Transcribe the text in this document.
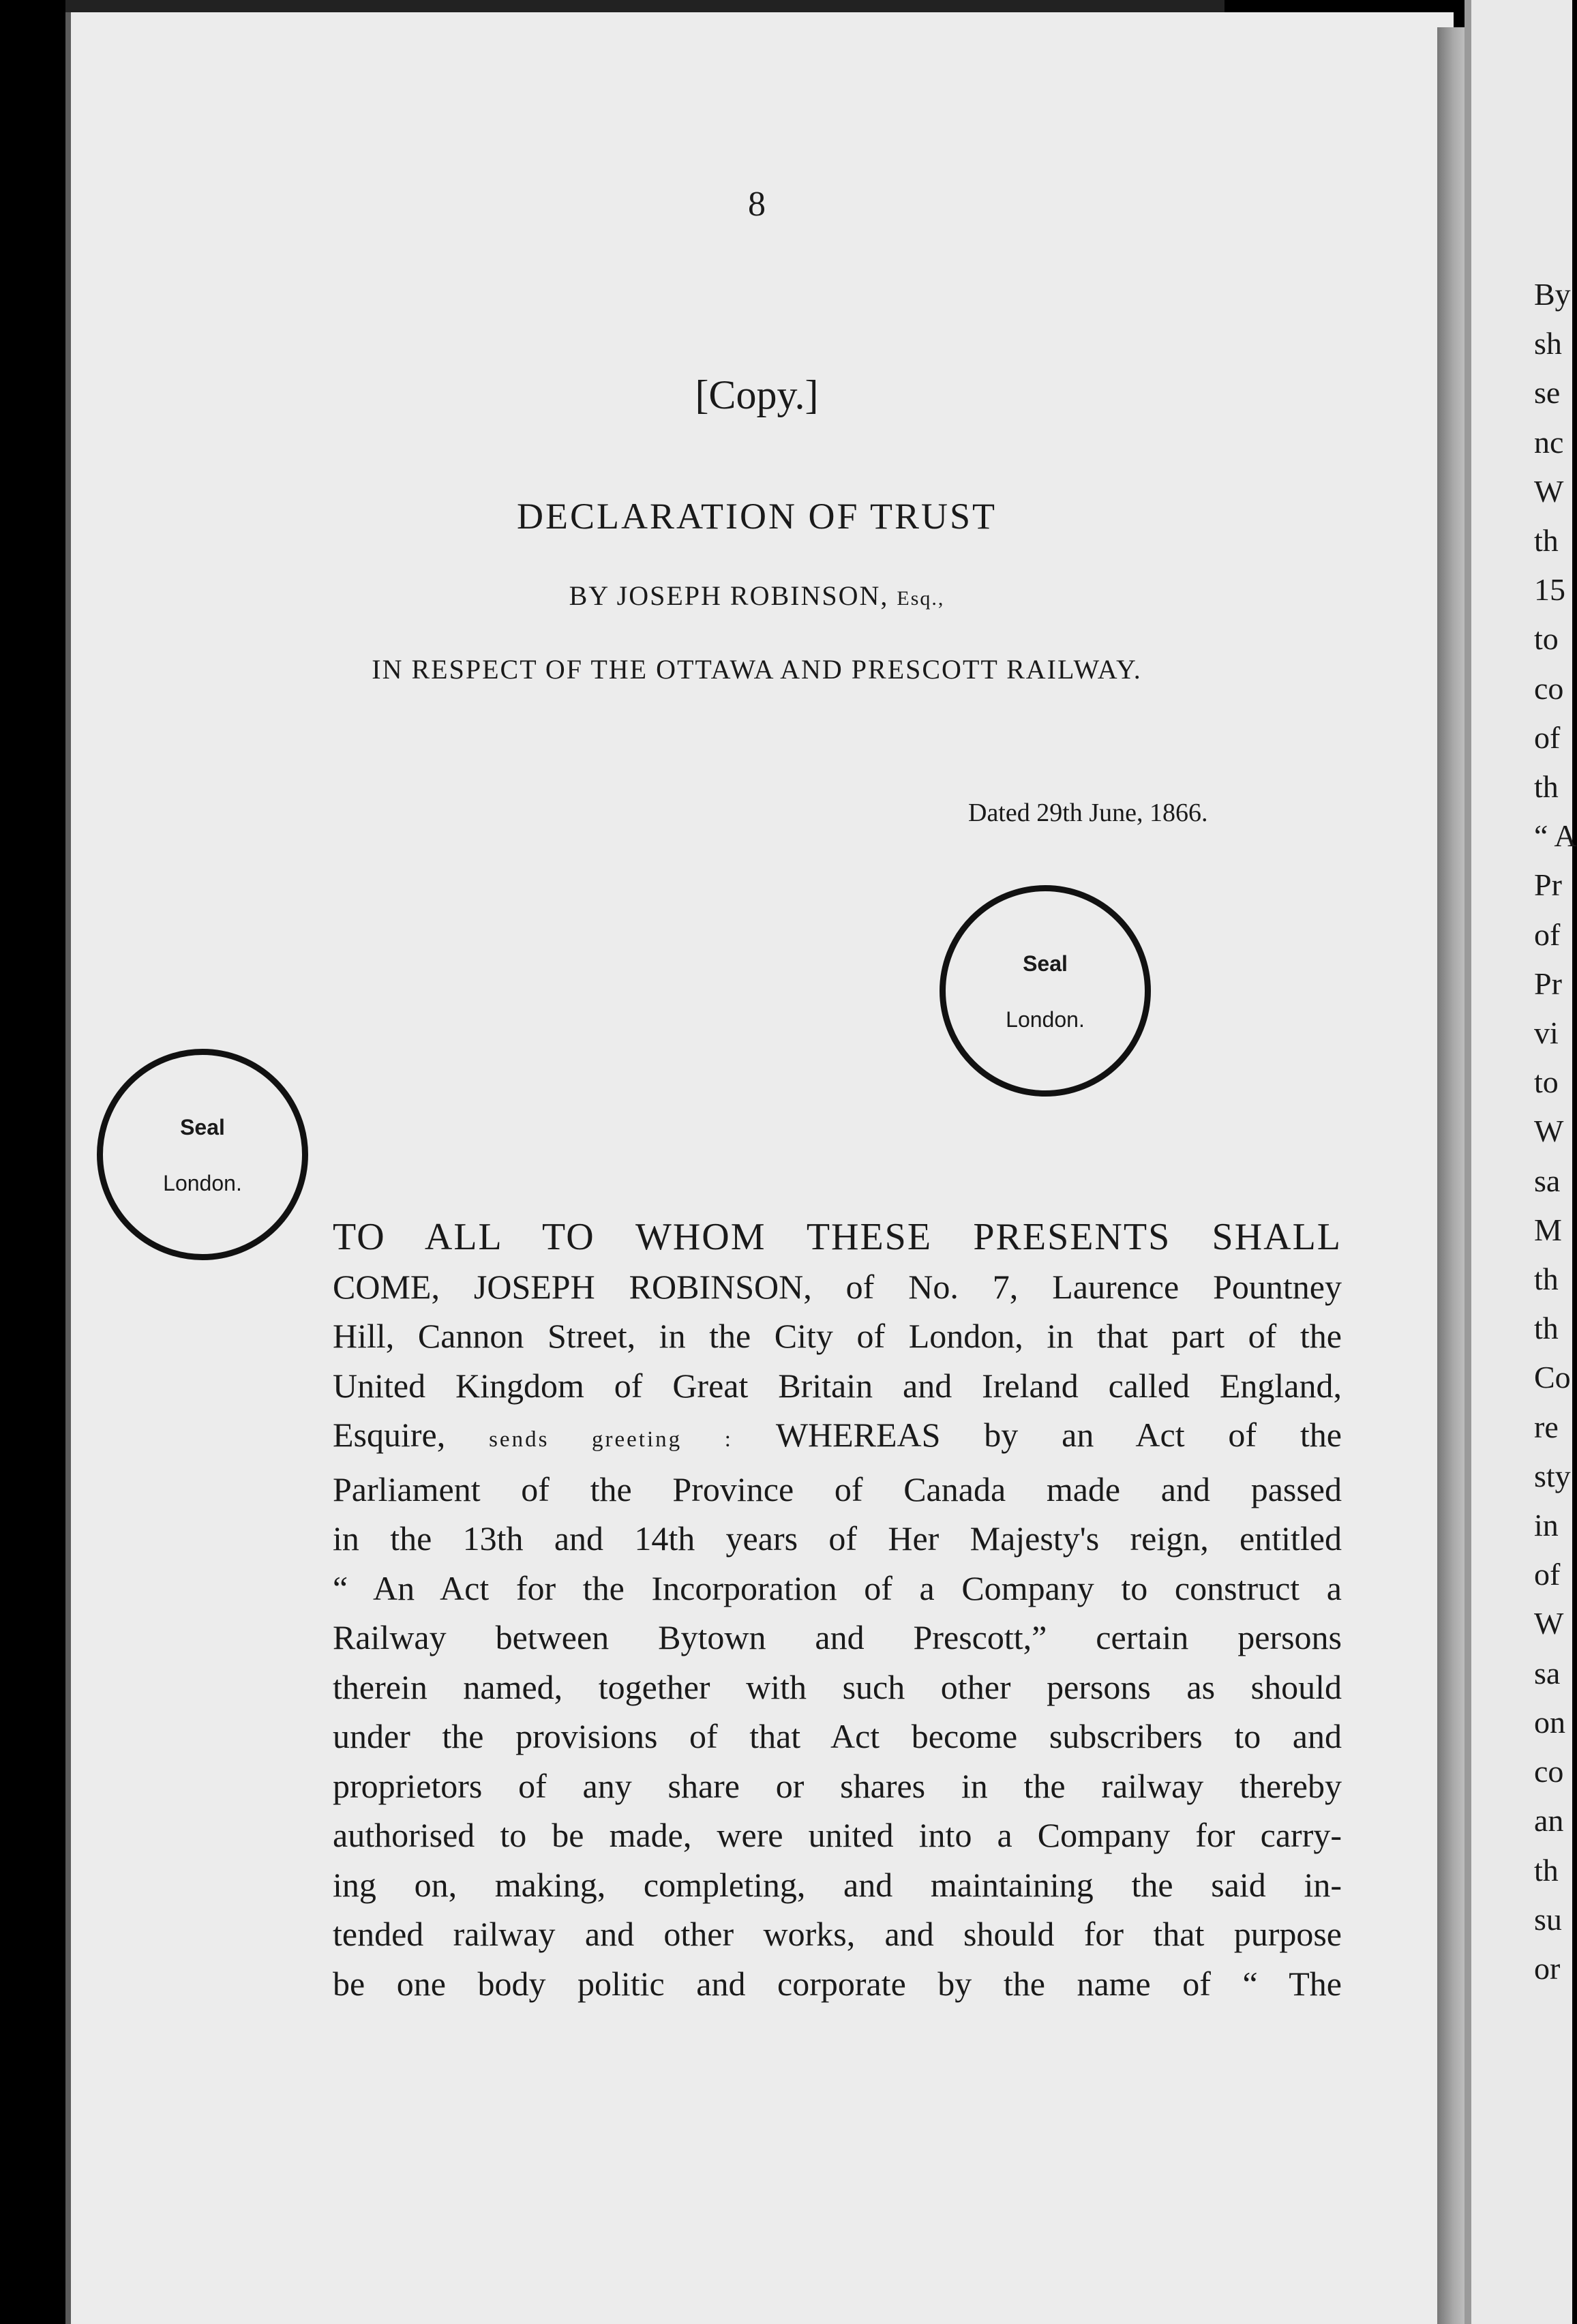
8
[Copy.]
DECLARATION OF TRUST
BY JOSEPH ROBINSON, Esq.,
IN RESPECT OF THE OTTAWA AND PRESCOTT RAILWAY.
Dated 29th June, 1866.
Seal
London.
Seal
London.
TO ALL TO WHOM THESE PRESENTS SHALL
COME, JOSEPH ROBINSON, of No. 7, Laurence Pountney
Hill, Cannon Street, in the City of London, in that part of the
United Kingdom of Great Britain and Ireland called England,
Esquire, sends greeting : WHEREAS by an Act of the
Parliament of the Province of Canada made and passed
in the 13th and 14th years of Her Majesty's reign, entitled
“ An Act for the Incorporation of a Company to construct a
Railway between Bytown and Prescott,” certain persons
therein named, together with such other persons as should
under the provisions of that Act become subscribers to and
proprietors of any share or shares in the railway thereby
authorised to be made, were united into a Company for carry-
ing on, making, completing, and maintaining the said in-
tended railway and other works, and should for that purpose
be one body politic and corporate by the name of “ The
By
sh
se
nc
W
th
15
to
co
of
th
“ A
Pr
of
Pr
vi
to
W
sa
M
th
th
Co
re
sty
in
of
W
sa
on
co
an
th
su
or
